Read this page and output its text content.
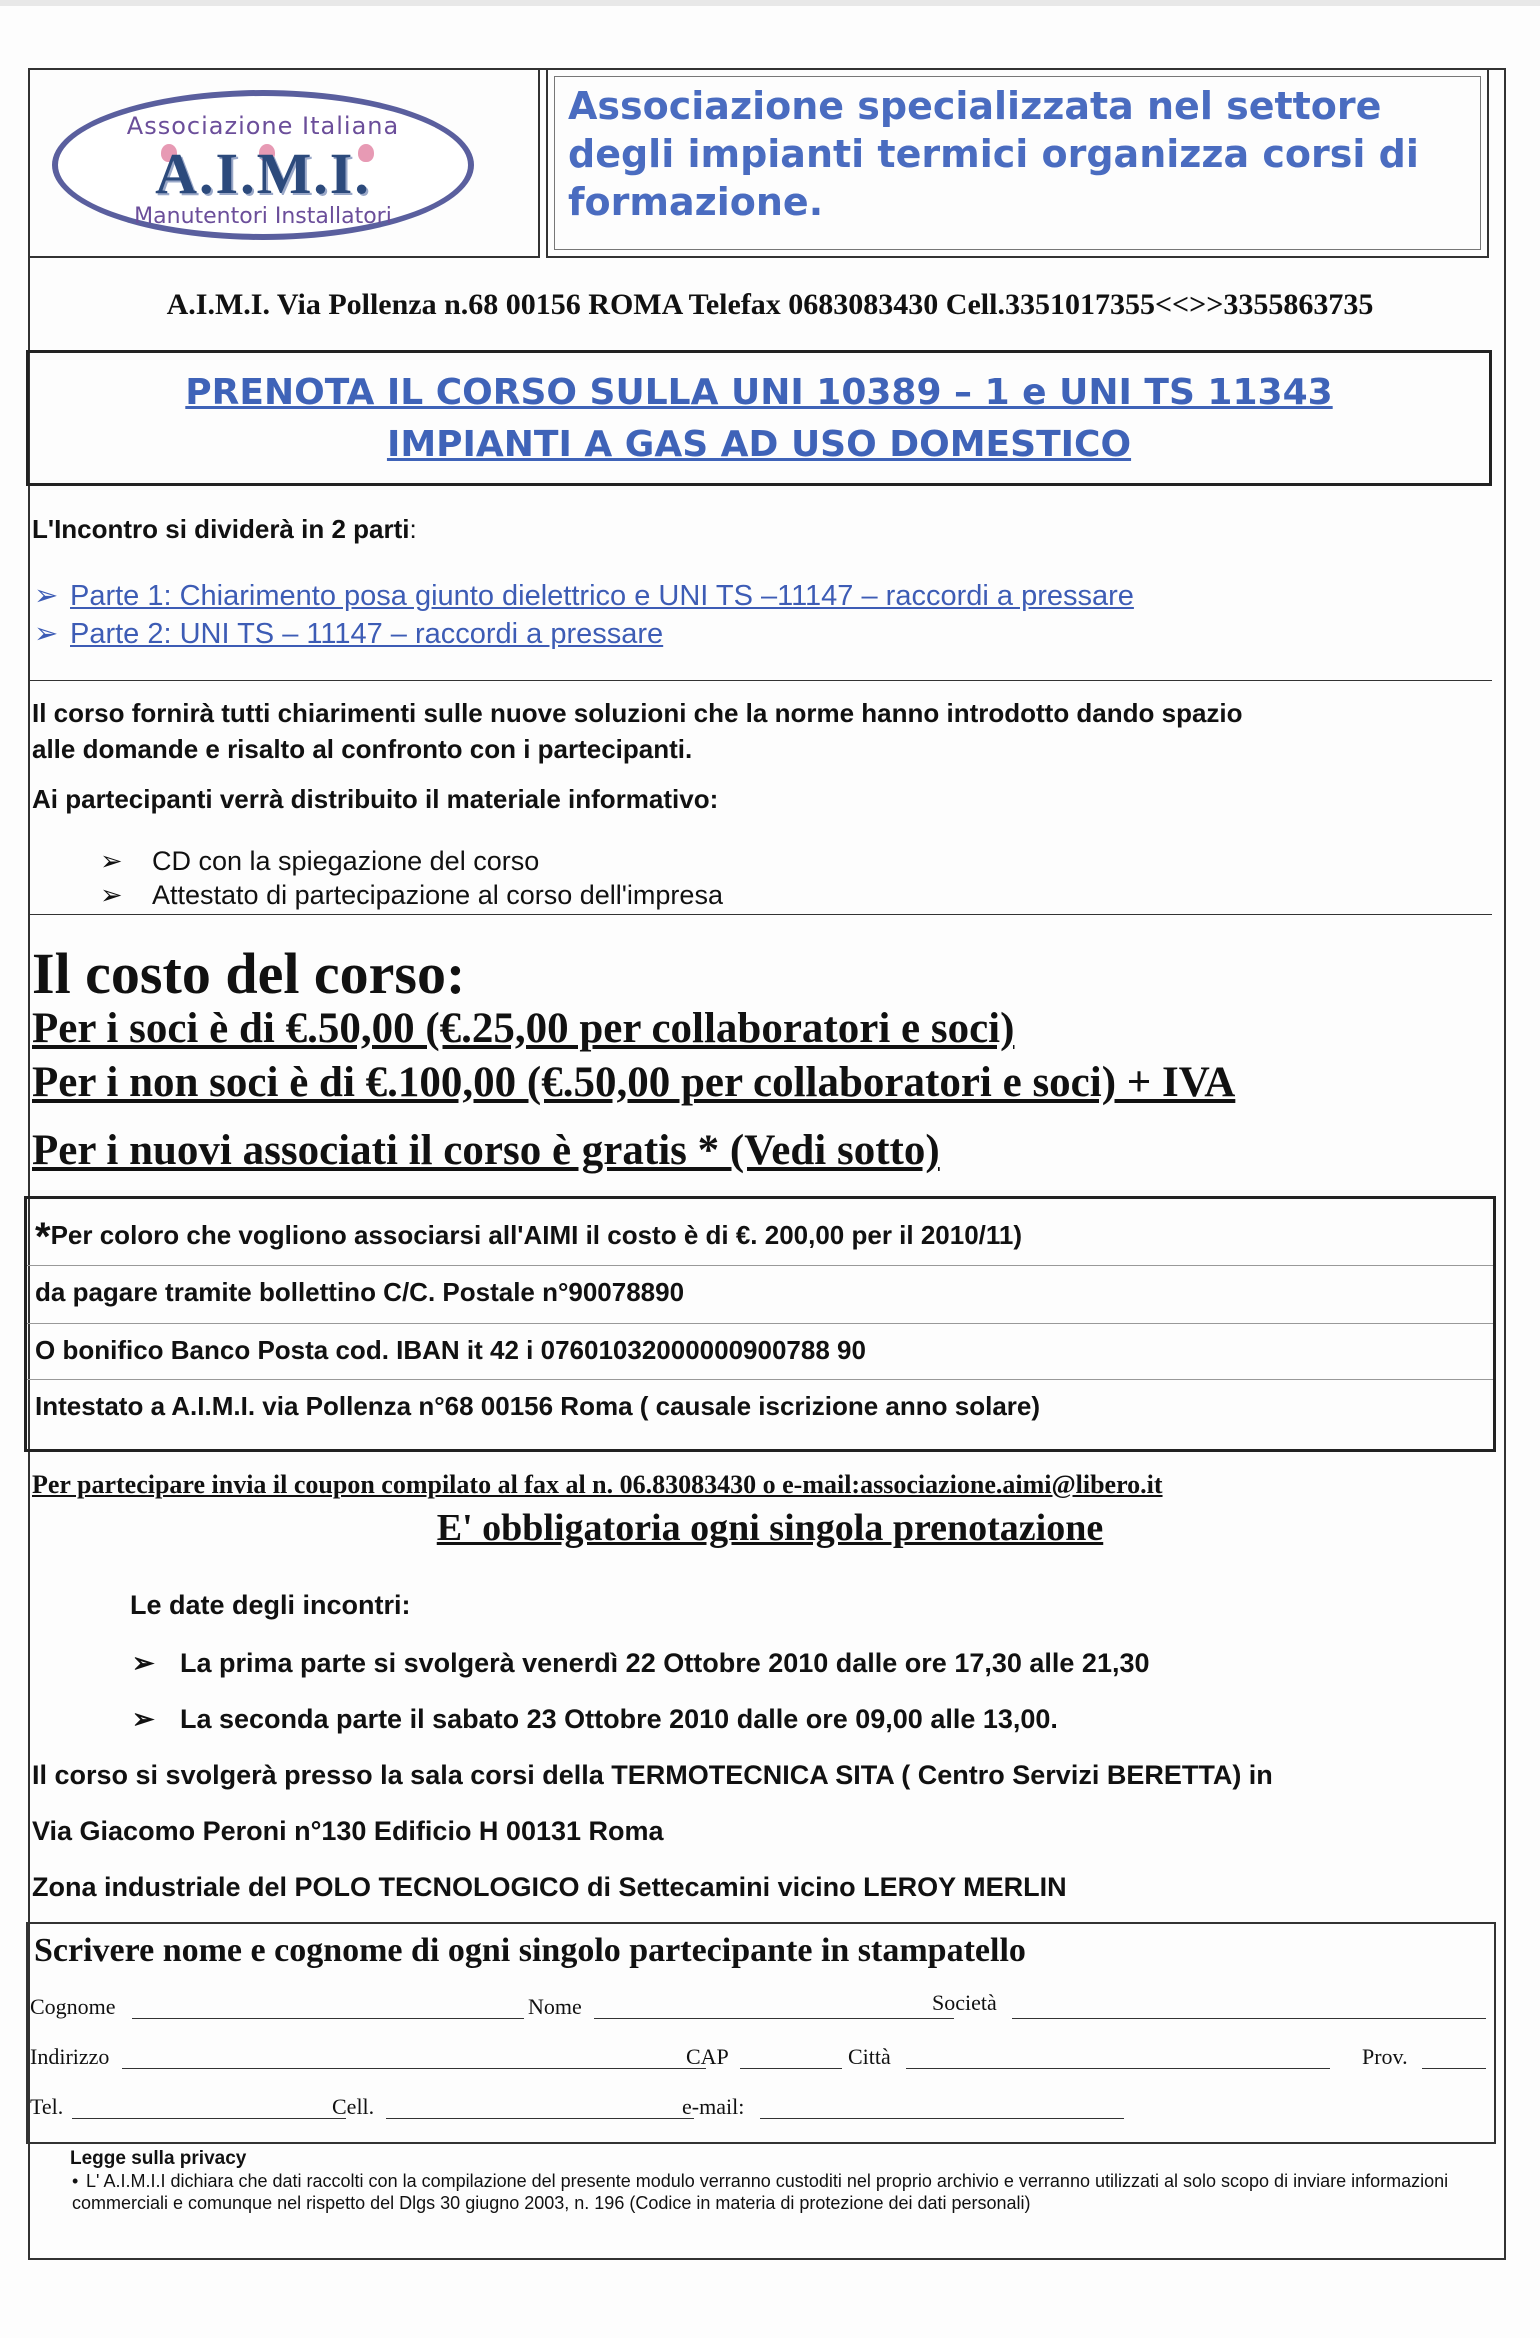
Associazione Italiana
A.I.M.I.
Manutentori Installatori
Associazione specializzata nel settore degli impianti termici organizza corsi di formazione.
A.I.M.I. Via Pollenza n.68 00156 ROMA Telefax 0683083430 Cell.3351017355<<>>3355863735
PRENOTA IL CORSO SULLA UNI 10389 – 1 e UNI TS 11343
IMPIANTI A GAS AD USO DOMESTICO
L'Incontro si dividerà in 2 parti:
➢ Parte 1: Chiarimento posa giunto dielettrico e UNI TS –11147 – raccordi a pressare
➢ Parte 2: UNI TS – 11147 – raccordi a pressare
Il corso fornirà tutti chiarimenti sulle nuove soluzioni che la norme hanno introdotto dando spazio
alle domande e risalto al confronto con i partecipanti.
Ai partecipanti verrà distribuito il materiale informativo:
➢ CD con la spiegazione del corso
➢ Attestato di partecipazione al corso dell'impresa
Il costo del corso:
Per i soci è di €.50,00 (€.25,00 per collaboratori e soci)
Per i non soci è di €.100,00 (€.50,00 per collaboratori e soci) + IVA
Per i nuovi associati il corso è gratis * (Vedi sotto)
*Per coloro che vogliono associarsi all'AIMI il costo è di €. 200,00 per il 2010/11)
da pagare tramite bollettino C/C. Postale n°90078890
O bonifico Banco Posta cod. IBAN it 42 i 07601032000000900788 90
Intestato a A.I.M.I. via Pollenza n°68 00156 Roma ( causale iscrizione anno solare)
Per partecipare invia il coupon compilato al fax al n. 06.83083430 o e-mail:associazione.aimi@libero.it
E' obbligatoria ogni singola prenotazione
Le date degli incontri:
➢ La prima parte si svolgerà venerdì 22 Ottobre 2010 dalle ore 17,30 alle 21,30
➢ La seconda parte il sabato 23 Ottobre 2010 dalle ore 09,00 alle 13,00.
Il corso si svolgerà presso la sala corsi della TERMOTECNICA SITA ( Centro Servizi BERETTA) in
Via Giacomo Peroni n°130 Edificio H 00131 Roma
Zona industriale del POLO TECNOLOGICO di Settecamini vicino LEROY MERLIN
Scrivere nome e cognome di ogni singolo partecipante in stampatello
Cognome	Nome	Società
Indirizzo	CAP	Città	Prov.
Tel.	Cell.	e-mail:
Legge sulla privacy
• L' A.I.M.I.I dichiara che dati raccolti con la compilazione del presente modulo verranno custoditi nel proprio archivio e verranno utilizzati al solo scopo di inviare informazioni commerciali e comunque nel rispetto del Dlgs 30 giugno 2003, n. 196 (Codice in materia di protezione dei dati personali)
